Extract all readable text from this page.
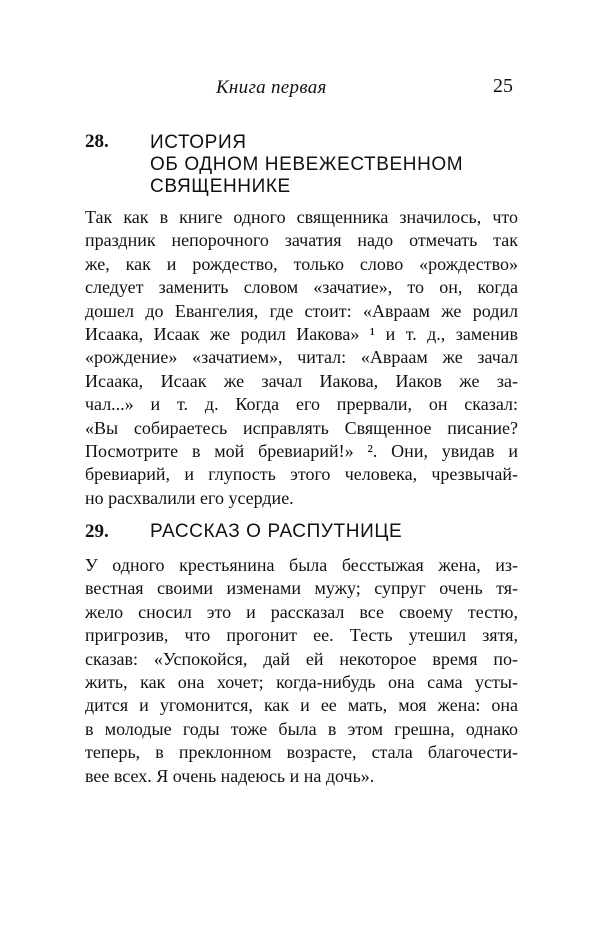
Книга первая	25
28. ИСТОРИЯ
ОБ ОДНОМ НЕВЕЖЕСТВЕННОМ
СВЯЩЕННИКЕ
Так как в книге одного священника значилось, что
праздник непорочного зачатия надо отмечать так
же, как и рождество, только слово «рождество»
следует заменить словом «зачатие», то он, когда
дошел до Евангелия, где стоит: «Авраам же родил
Исаака, Исаак же родил Иакова» ¹ и т. д., заменив
«рождение» «зачатием», читал: «Авраам же зачал
Исаака, Исаак же зачал Иакова, Иаков же за-
чал...» и т. д. Когда его прервали, он сказал:
«Вы собираетесь исправлять Священное писание?
Посмотрите в мой бревиарий!» ². Они, увидав и
бревиарий, и глупость этого человека, чрезвычай-
но расхвалили его усердие.
29. РАССКАЗ О РАСПУТНИЦЕ
У одного крестьянина была бесстыжая жена, из-
вестная своими изменами мужу; супруг очень тя-
жело сносил это и рассказал все своему тестю,
пригрозив, что прогонит ее. Тесть утешил зятя,
сказав: «Успокойся, дай ей некоторое время по-
жить, как она хочет; когда-нибудь она сама усты-
дится и угомонится, как и ее мать, моя жена: она
в молодые годы тоже была в этом грешна, однако
теперь, в преклонном возрасте, стала благочести-
вее всех. Я очень надеюсь и на дочь».
